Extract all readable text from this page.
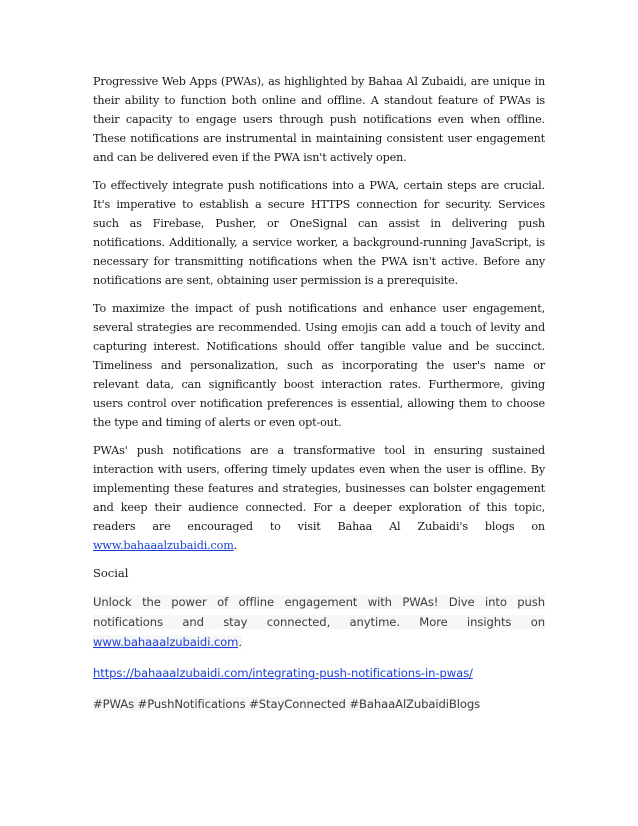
Progressive Web Apps (PWAs), as highlighted by Bahaa Al Zubaidi, are unique in their ability to function both online and offline. A standout feature of PWAs is their capacity to engage users through push notifications even when offline. These notifications are instrumental in maintaining consistent user engagement and can be delivered even if the PWA isn't actively open.

To effectively integrate push notifications into a PWA, certain steps are crucial. It's imperative to establish a secure HTTPS connection for security. Services such as Firebase, Pusher, or OneSignal can assist in delivering push notifications. Additionally, a service worker, a background-running JavaScript, is necessary for transmitting notifications when the PWA isn't active. Before any notifications are sent, obtaining user permission is a prerequisite.

To maximize the impact of push notifications and enhance user engagement, several strategies are recommended. Using emojis can add a touch of levity and capturing interest. Notifications should offer tangible value and be succinct. Timeliness and personalization, such as incorporating the user's name or relevant data, can significantly boost interaction rates. Furthermore, giving users control over notification preferences is essential, allowing them to choose the type and timing of alerts or even opt-out.

PWAs' push notifications are a transformative tool in ensuring sustained interaction with users, offering timely updates even when the user is offline. By implementing these features and strategies, businesses can bolster engagement and keep their audience connected. For a deeper exploration of this topic, readers are encouraged to visit Bahaa Al Zubaidi's blogs on www.bahaaalzubaidi.com.

Social

Unlock the power of offline engagement with PWAs! Dive into push notifications and stay connected, anytime. More insights on www.bahaaalzubaidi.com.

https://bahaaalzubaidi.com/integrating-push-notifications-in-pwas/

#PWAs #PushNotifications #StayConnected #BahaaAlZubaidiBlogs
